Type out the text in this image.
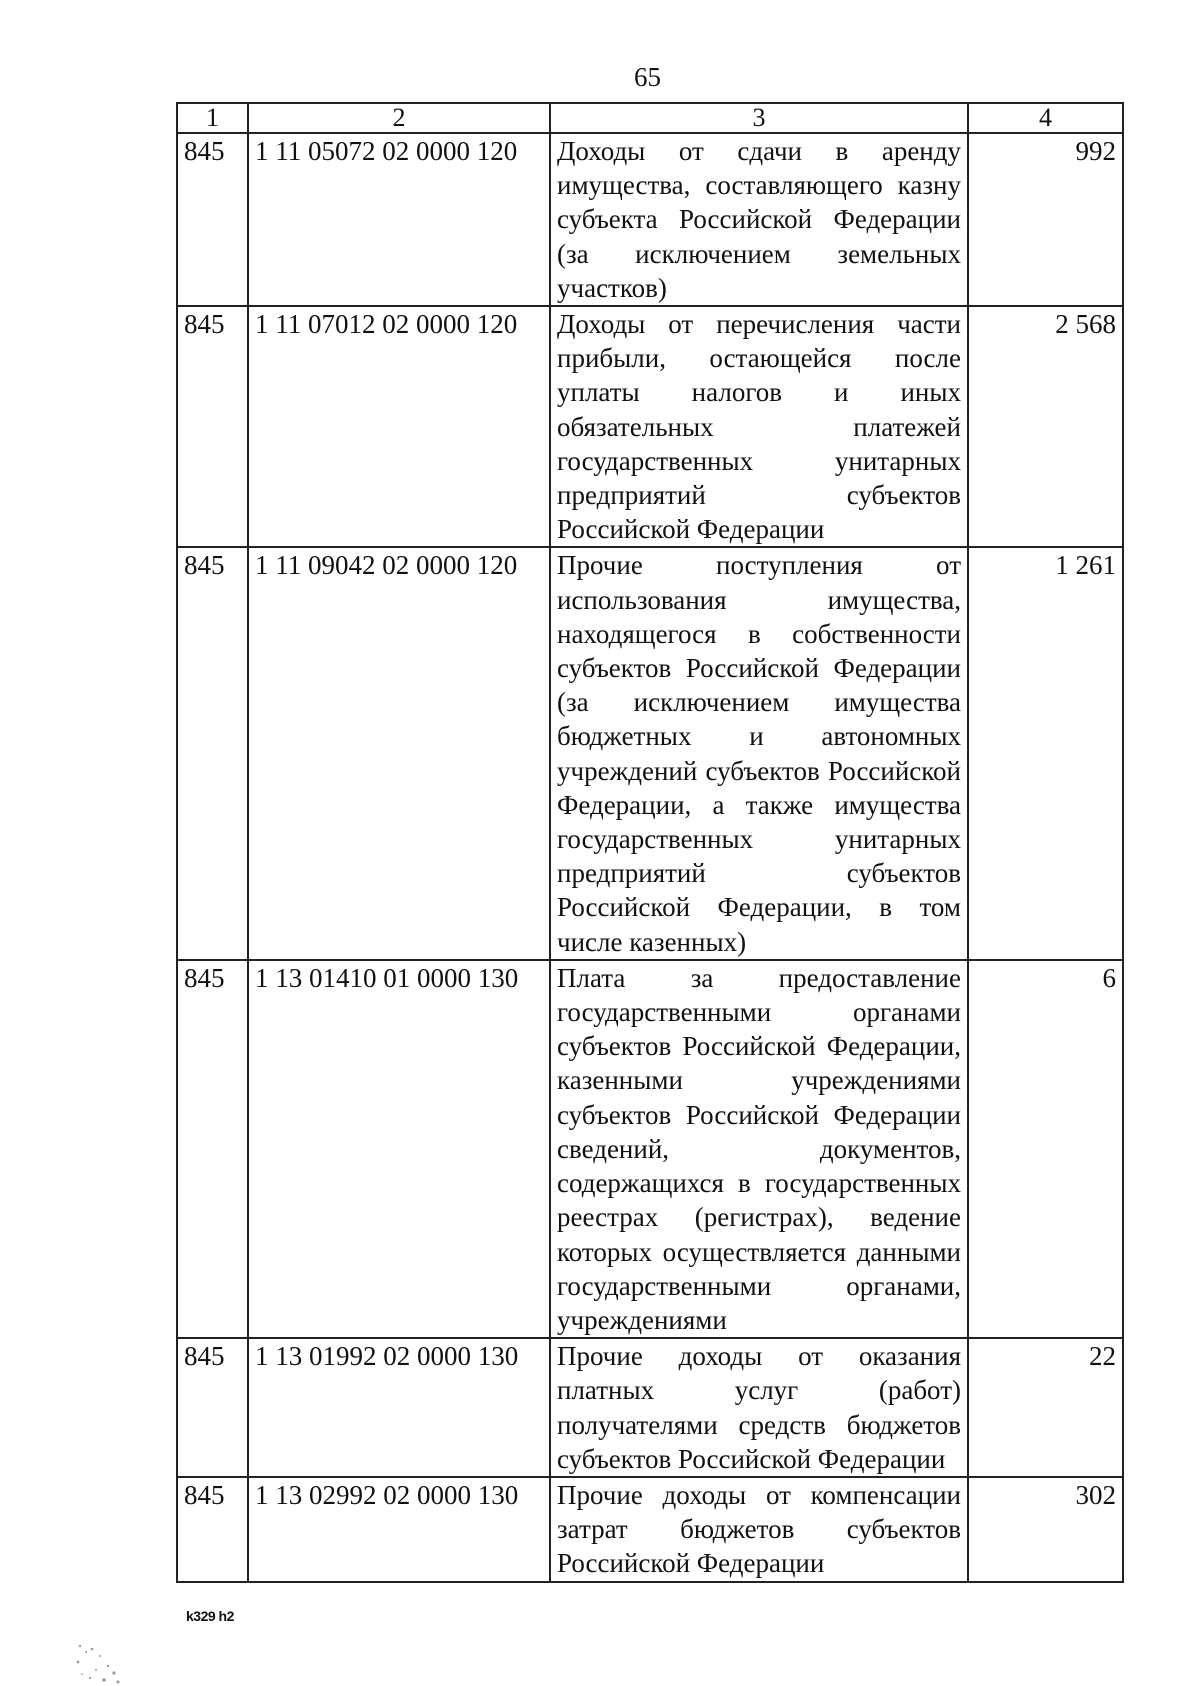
65
1	2	3	4
845	1 11 05072 02 0000 120	Доходы от сдачи в аренду имущества, составляющего казну субъекта Российской Федерации (за исключением земельных участков)	992
845	1 11 07012 02 0000 120	Доходы от перечисления части прибыли, остающейся после уплаты налогов и иных обязательных платежей государственных унитарных предприятий субъектов Российской Федерации	2 568
845	1 11 09042 02 0000 120	Прочие поступления от использования имущества, находящегося в собственности субъектов Российской Федерации (за исключением имущества бюджетных и автономных учреждений субъектов Российской Федерации, а также имущества государственных унитарных предприятий субъектов Российской Федерации, в том числе казенных)	1 261
845	1 13 01410 01 0000 130	Плата за предоставление государственными органами субъектов Российской Федерации, казенными учреждениями субъектов Российской Федерации сведений, документов, содержащихся в государственных реестрах (регистрах), ведение которых осуществляется данными государственными органами, учреждениями	6
845	1 13 01992 02 0000 130	Прочие доходы от оказания платных услуг (работ) получателями средств бюджетов субъектов Российской Федерации	22
845	1 13 02992 02 0000 130	Прочие доходы от компенсации затрат бюджетов субъектов Российской Федерации	302
k329 h2
